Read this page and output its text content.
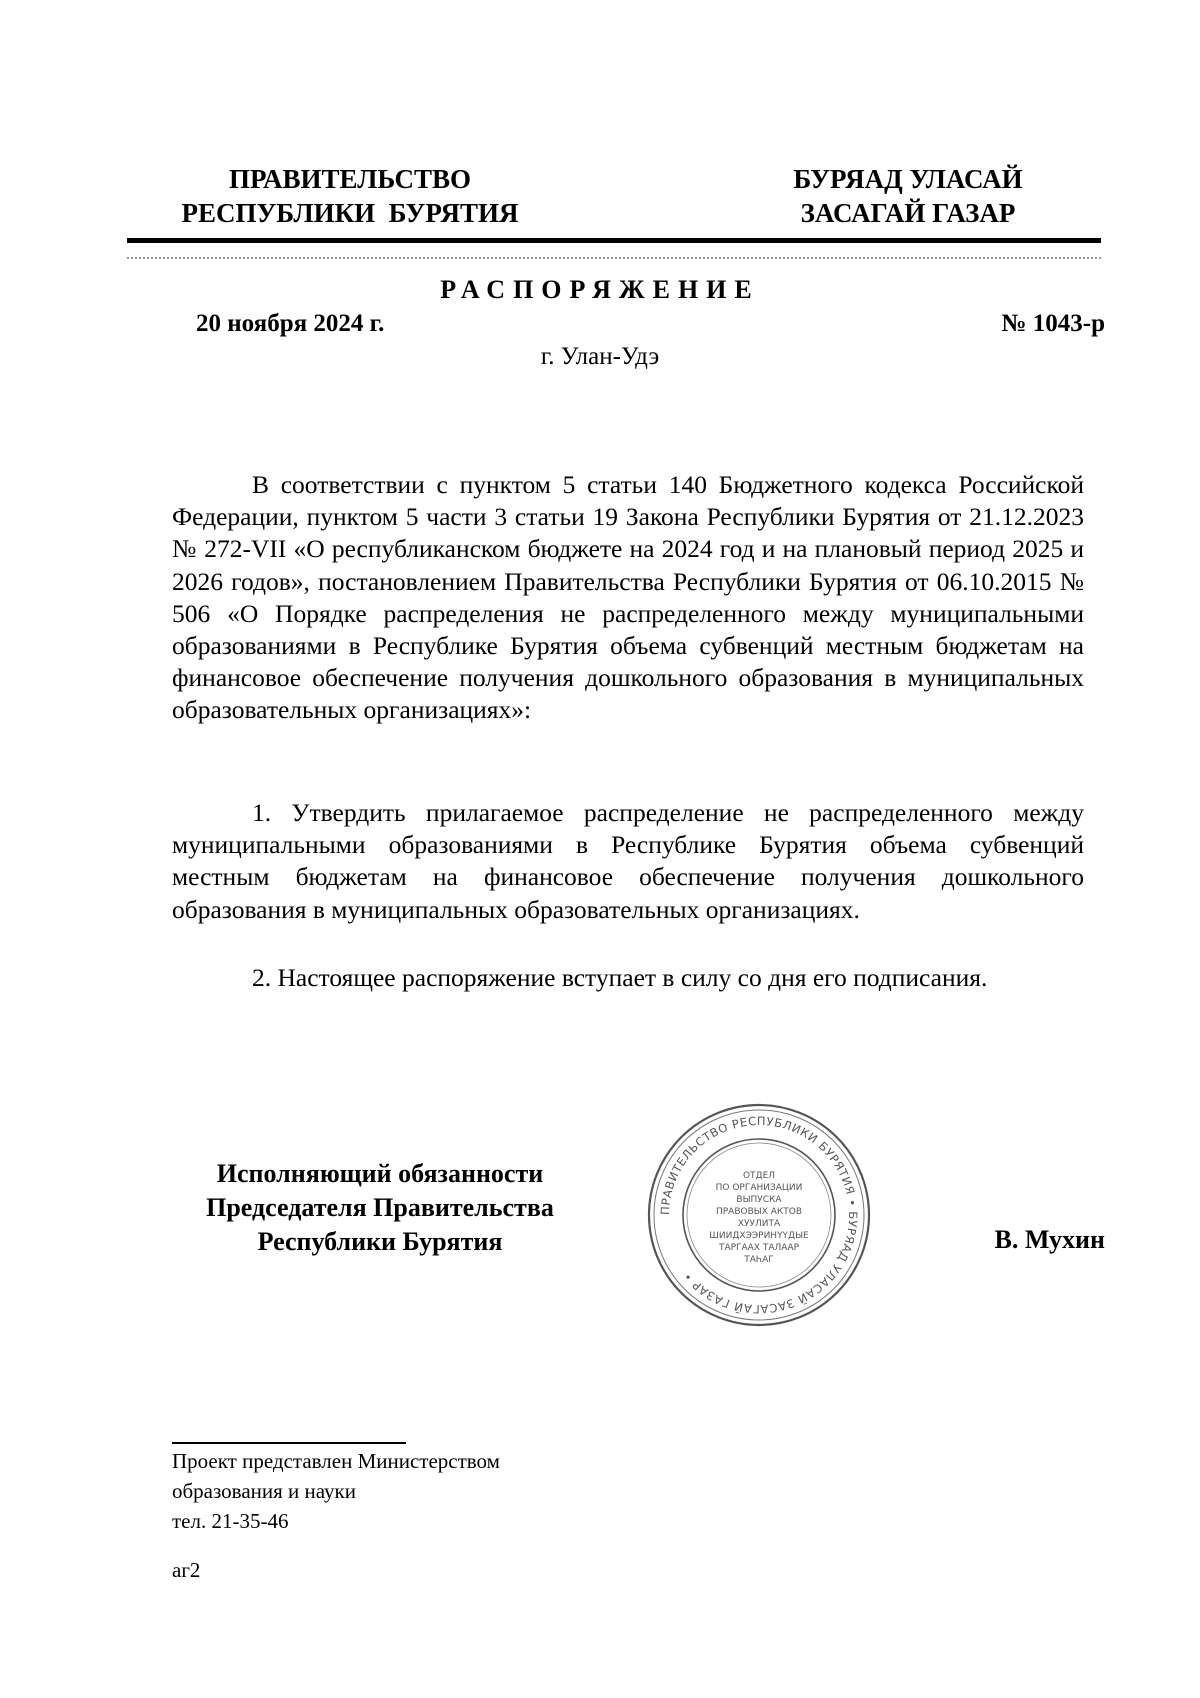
ПРАВИТЕЛЬСТВО
РЕСПУБЛИКИ  БУРЯТИЯ
БУРЯАД УЛАСАЙ
ЗАСАГАЙ ГАЗАР
РАСПОРЯЖЕНИЕ
20 ноября 2024 г.	№ 1043-р
г. Улан-Удэ

В соответствии с пунктом 5 статьи 140 Бюджетного кодекса Российской Федерации, пунктом 5 части 3 статьи 19 Закона Республики Бурятия от 21.12.2023 № 272-VII «О республиканском бюджете на 2024 год и на плановый период 2025 и 2026 годов», постановлением Правительства Республики Бурятия от 06.10.2015 № 506 «О Порядке распределения не распределенного между муниципальными образованиями в Республике Бурятия объема субвенций местным бюджетам на финансовое обеспечение получения дошкольного образования в муниципальных образовательных организациях»:

1. Утвердить прилагаемое распределение не распределенного между муниципальными образованиями в Республике Бурятия объема субвенций местным бюджетам на финансовое обеспечение получения дошкольного образования в муниципальных образовательных организациях.

2. Настоящее распоряжение вступает в силу со дня его подписания.

Исполняющий обязанности
Председателя Правительства
Республики Бурятия
ПРАВИТЕЛЬСТВО РЕСПУБЛИКИ БУРЯТИЯ • БУРЯАД УЛАСАЙ ЗАСАГАЙ ГАЗАР •
ОТДЕЛ
ПО ОРГАНИЗАЦИИ
ВЫПУСКА
ПРАВОВЫХ АКТОВ
ХУУЛИТА
ШИИДХЭЭРИНҮҮДЫЕ
ТАРГААХ ТАЛААР
ТАҺАГ
В. Мухин
Проект представлен Министерством
образования и науки
тел. 21-35-46
аг2
